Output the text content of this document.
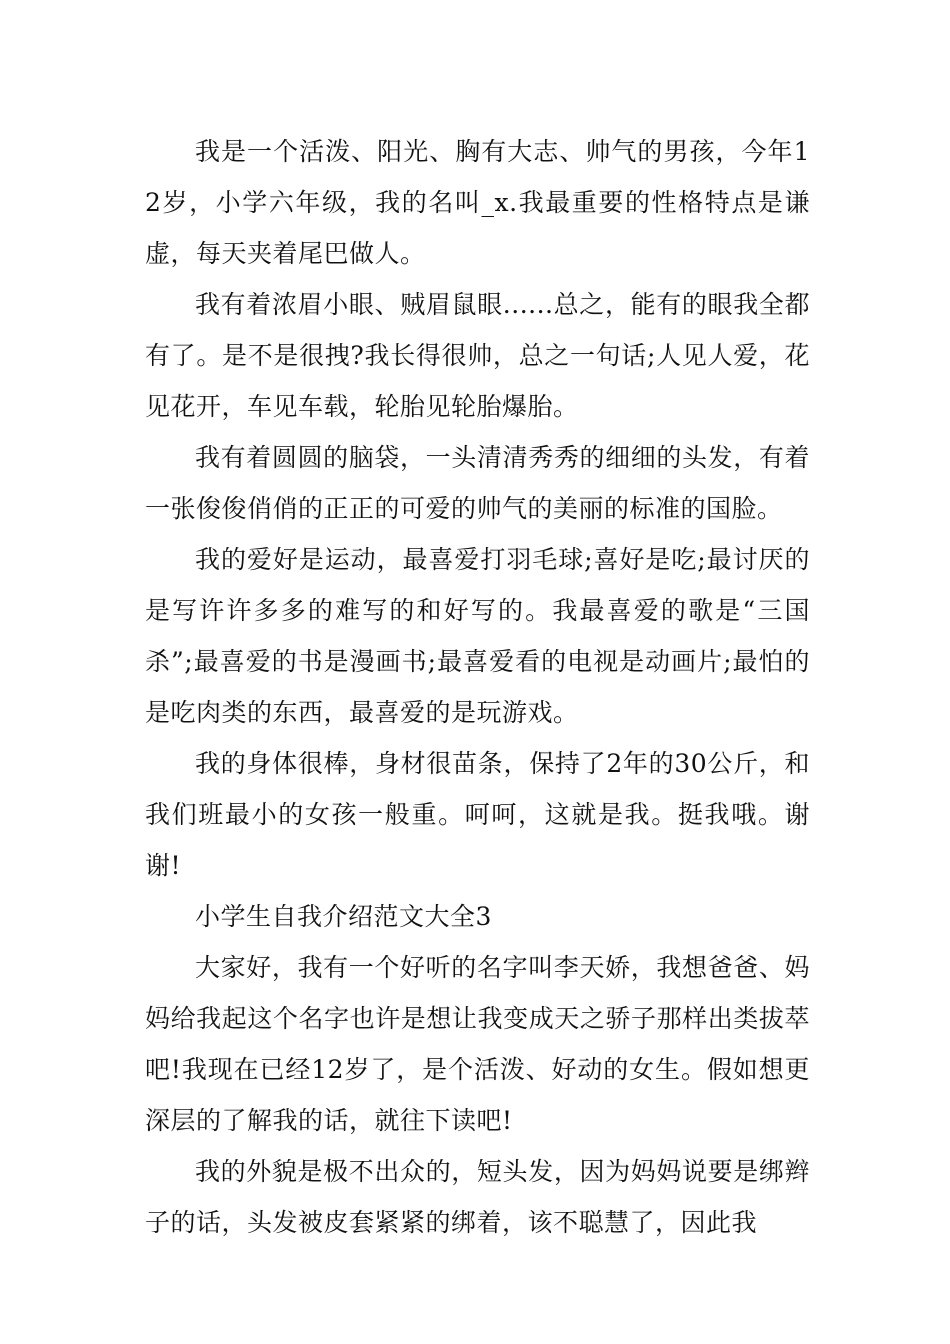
我是一个活泼、阳光、胸有大志、帅气的男孩，今年12岁，小学六年级，我的名叫_x.我最重要的性格特点是谦虚，每天夹着尾巴做人。

我有着浓眉小眼、贼眉鼠眼......总之，能有的眼我全都有了。是不是很拽?我长得很帅，总之一句话;人见人爱，花见花开，车见车载，轮胎见轮胎爆胎。

我有着圆圆的脑袋，一头清清秀秀的细细的头发，有着一张俊俊俏俏的正正的可爱的帅气的美丽的标准的国脸。

我的爱好是运动，最喜爱打羽毛球;喜好是吃;最讨厌的是写许许多多的难写的和好写的。我最喜爱的歌是“三国杀”;最喜爱的书是漫画书;最喜爱看的电视是动画片;最怕的是吃肉类的东西，最喜爱的是玩游戏。

我的身体很棒，身材很苗条，保持了2年的30公斤，和我们班最小的女孩一般重。呵呵，这就是我。挺我哦。谢谢!

小学生自我介绍范文大全3

大家好，我有一个好听的名字叫李天娇，我想爸爸、妈妈给我起这个名字也许是想让我变成天之骄子那样出类拔萃吧!我现在已经12岁了，是个活泼、好动的女生。假如想更深层的了解我的话，就往下读吧!

我的外貌是极不出众的，短头发，因为妈妈说要是绑辫子的话，头发被皮套紧紧的绑着，该不聪慧了，因此我
